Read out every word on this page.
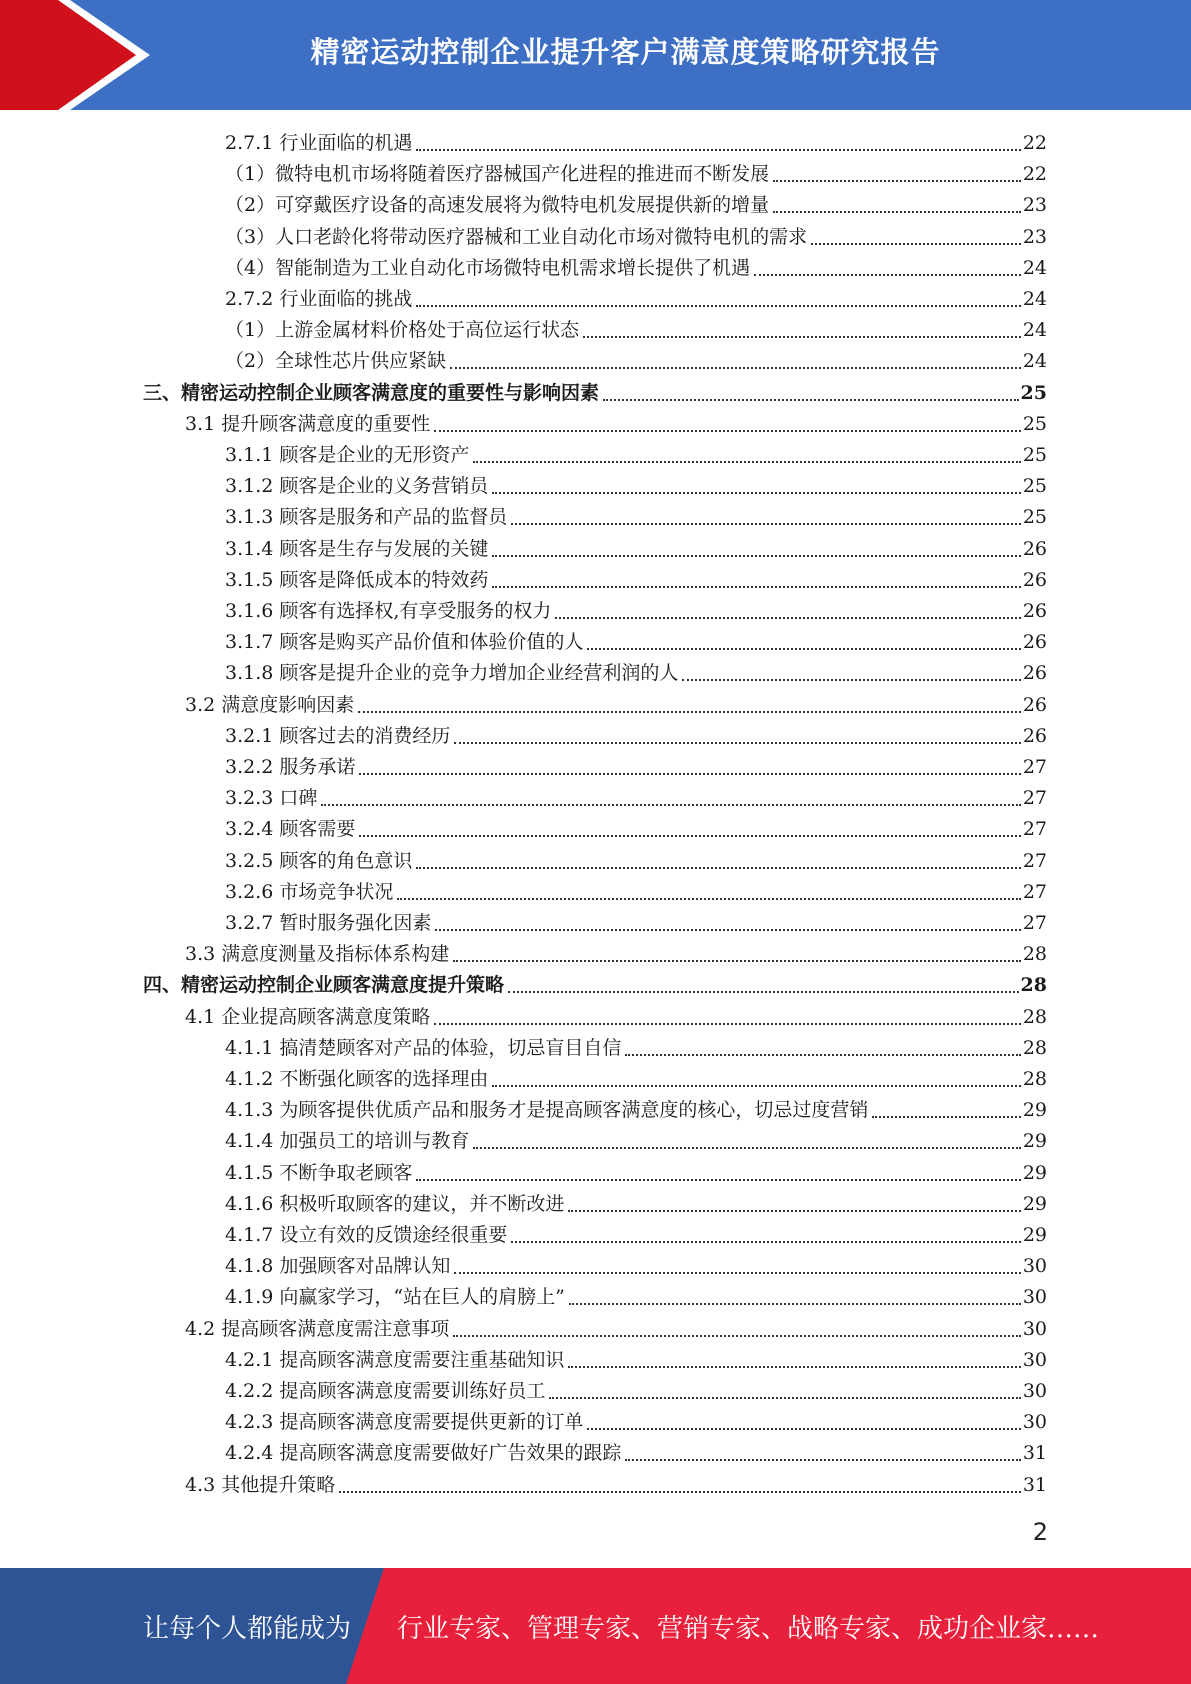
精密运动控制企业提升客户满意度策略研究报告
2.7.1 行业面临的机遇	22
（1）微特电机市场将随着医疗器械国产化进程的推进而不断发展	22
（2）可穿戴医疗设备的高速发展将为微特电机发展提供新的增量	23
（3）人口老龄化将带动医疗器械和工业自动化市场对微特电机的需求	23
（4）智能制造为工业自动化市场微特电机需求增长提供了机遇	24
2.7.2 行业面临的挑战	24
（1）上游金属材料价格处于高位运行状态	24
（2）全球性芯片供应紧缺	24
三、精密运动控制企业顾客满意度的重要性与影响因素	25
3.1 提升顾客满意度的重要性	25
3.1.1 顾客是企业的无形资产	25
3.1.2 顾客是企业的义务营销员	25
3.1.3 顾客是服务和产品的监督员	25
3.1.4 顾客是生存与发展的关键	26
3.1.5 顾客是降低成本的特效药	26
3.1.6 顾客有选择权,有享受服务的权力	26
3.1.7 顾客是购买产品价值和体验价值的人	26
3.1.8 顾客是提升企业的竞争力增加企业经营利润的人	26
3.2 满意度影响因素	26
3.2.1 顾客过去的消费经历	26
3.2.2 服务承诺	27
3.2.3 口碑	27
3.2.4 顾客需要	27
3.2.5 顾客的角色意识	27
3.2.6 市场竞争状况	27
3.2.7 暂时服务强化因素	27
3.3 满意度测量及指标体系构建	28
四、精密运动控制企业顾客满意度提升策略	28
4.1 企业提高顾客满意度策略	28
4.1.1 搞清楚顾客对产品的体验，切忌盲目自信	28
4.1.2 不断强化顾客的选择理由	28
4.1.3 为顾客提供优质产品和服务才是提高顾客满意度的核心，切忌过度营销	29
4.1.4 加强员工的培训与教育	29
4.1.5 不断争取老顾客	29
4.1.6 积极听取顾客的建议，并不断改进	29
4.1.7 设立有效的反馈途经很重要	29
4.1.8 加强顾客对品牌认知	30
4.1.9 向赢家学习，“站在巨人的肩膀上”	30
4.2 提高顾客满意度需注意事项	30
4.2.1 提高顾客满意度需要注重基础知识	30
4.2.2 提高顾客满意度需要训练好员工	30
4.2.3 提高顾客满意度需要提供更新的订单	30
4.2.4 提高顾客满意度需要做好广告效果的跟踪	31
4.3 其他提升策略	31
2
让每个人都能成为 行业专家、管理专家、营销专家、战略专家、成功企业家……
